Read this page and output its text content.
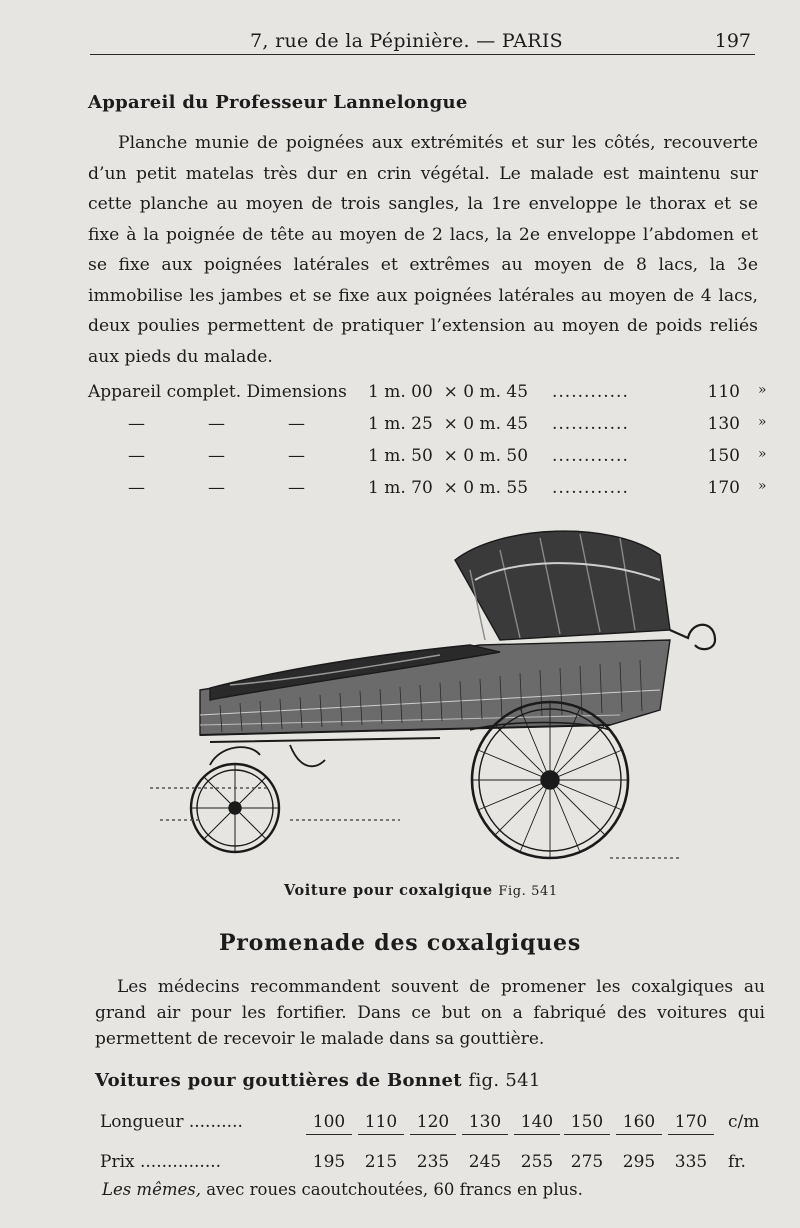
7, rue de la Pépinière. — PARIS	197
Appareil du Professeur Lannelongue

Planche munie de poignées aux extrémités et sur les côtés, recouverte d’un petit matelas très dur en crin végétal. Le malade est maintenu sur cette planche au moyen de trois sangles, la 1re enveloppe le thorax et se fixe à la poignée de tête au moyen de 2 lacs, la 2e enveloppe l’abdomen et se fixe aux poignées latérales et extrêmes au moyen de 8 lacs, la 3e immobilise les jambes et se fixe aux poignées latérales au moyen de 4 lacs, deux poulies permettent de pratiquer l’extension au moyen de poids reliés aux pieds du malade.

Appareil complet. Dimensions 1 m. 00  × 0 m. 45 ............	110 »
—	—	—	1 m. 25  × 0 m. 45 ............	130 »
—	—	—	1 m. 50  × 0 m. 50 ............	150 »
—	—	—	1 m. 70  × 0 m. 55 ............	170 »
Voiture pour coxalgique Fig. 541
Promenade des coxalgiques

Les médecins recommandent souvent de promener les coxalgiques au grand air pour les fortifier. Dans ce but on a fabriqué des voitures qui permettent de recevoir le malade dans sa gouttière.

Voitures pour gouttières de Bonnet fig. 541
Longueur ..........	100	110	120	130	140	150	160	170	c/m
Prix ...............	195	215	235	245	255	275	295	335	fr.
Les mêmes, avec roues caoutchoutées, 60 francs en plus.
